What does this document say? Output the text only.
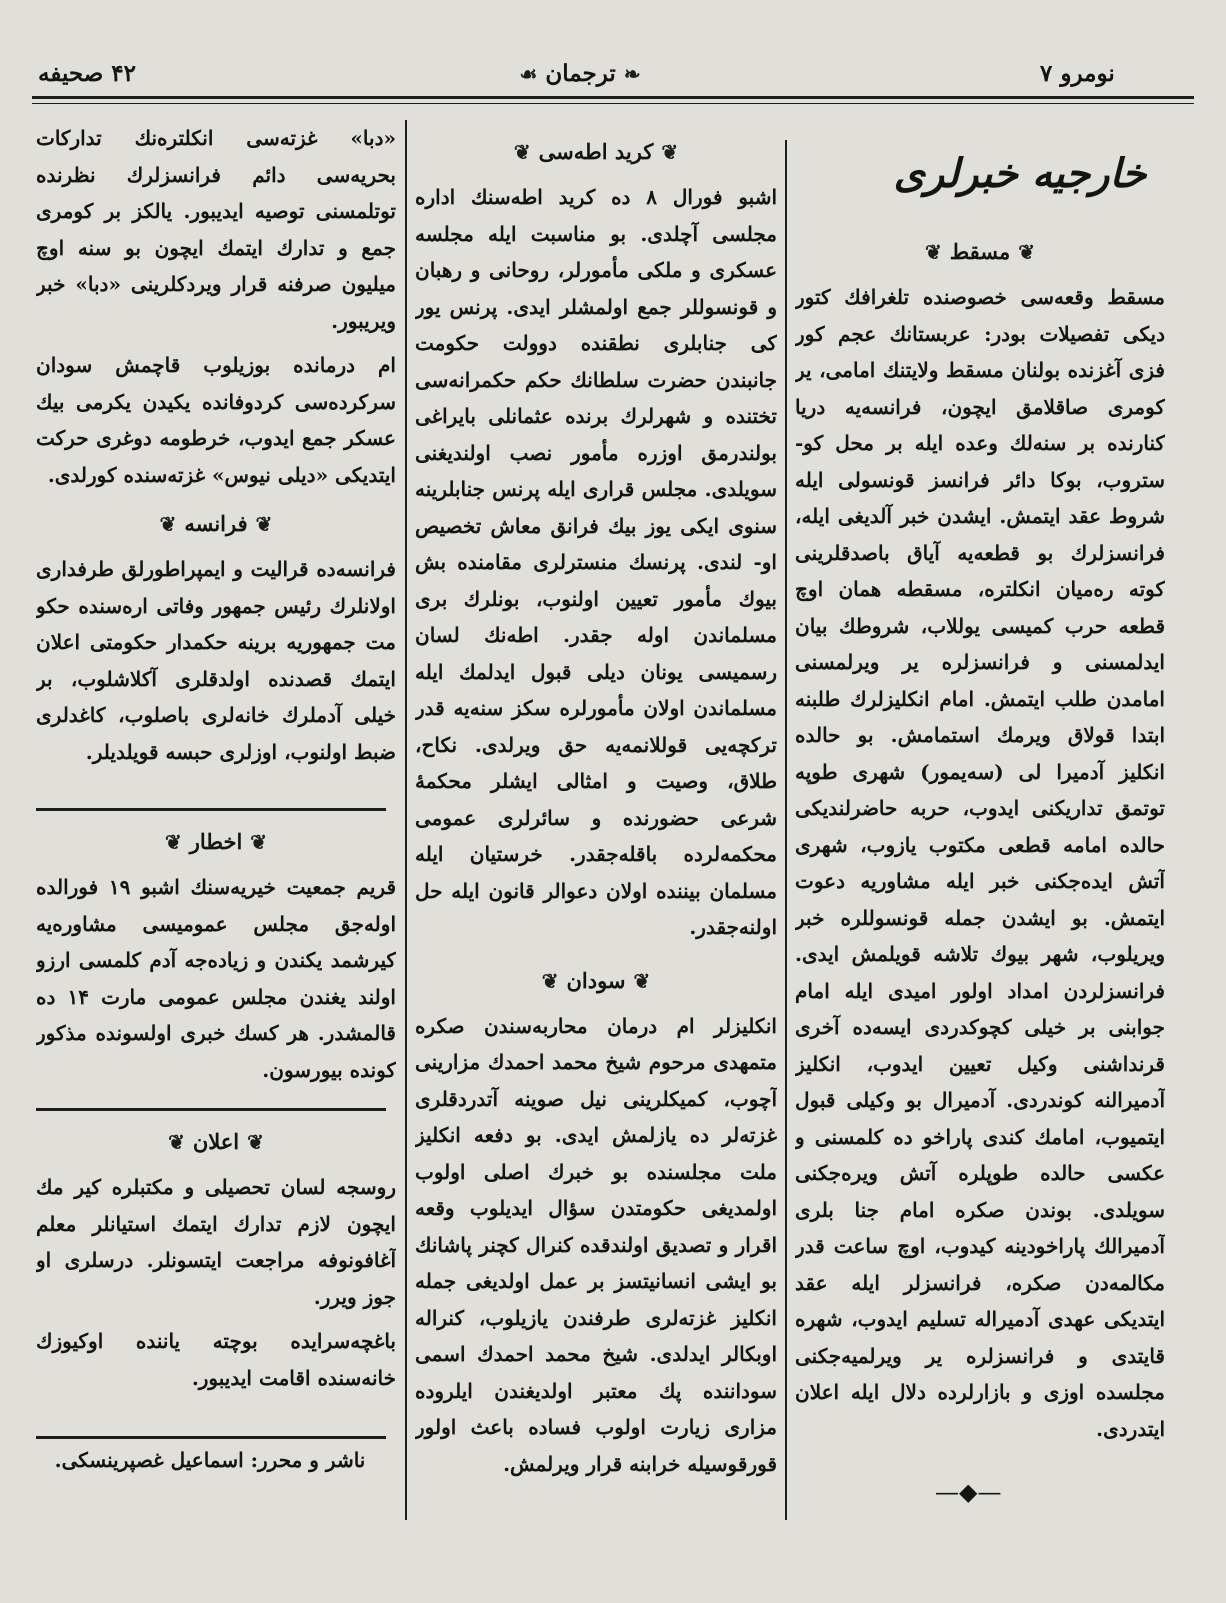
نومرو ۷
❧ترجمان☙
۴۲ صحيفه
خارجیه خبرلری
❦مسقط❦

مسقط وقعه‌سی خصوصنده تلغرافك كتور دیكی تفصیلات بودر: عربستانك عجم كور فزی آغزنده بولنان مسقط ولایتنك امامی، یر كومری صاقلامق ایچون، فرانسه‌یه دریا كنارنده بر سنه‌لك وعده ایله بر محل كو- ستروب، بوكا دائر فرانسز قونسولی ایله شروط عقد ایتمش. ایشدن خبر آلدیغی ایله، فرانسزلرك بو قطعه‌یه آیاق باصدقلرینی كوته ره‌میان انكلتره، مسقطه همان اوچ قطعه حرب كمیسی یوللاب، شروطك بیان ایدلمسنی و فرانسزلره یر ویرلمسنی امامدن طلب ایتمش. امام انكلیزلرك طلبنه ابتدا قولاق ویرمك استمامش. بو حالده انكلیز آدمیرا لی (سه‌یمور) شهری طوپه توتمق تداریكنی ایدوب، حربه حاضرلندیكی حالده امامه قطعی مكتوب یازوب، شهری آتش ایده‌جكنی خبر ایله مشاوریه دعوت ایتمش. بو ایشدن جمله قونسوللره خبر ویریلوب، شهر بیوك تلاشه قویلمش ایدی. فرانسزلردن امداد اولور امیدی ایله امام جوابنی بر خیلی كچوكدردی ایسه‌ده آخری قرنداشنی وكیل تعیین ایدوب، انكلیز آدمیرالنه كوندردی. آدمیرال بو وكیلی قبول ایتمیوب، امامك كندی پاراخو ده كلمسنی و عكسی حالده طوپلره آتش ویره‌جكنی سویلدی. بوندن صكره امام جنا بلری آدمیرالك پاراخودینه كیدوب، اوچ ساعت قدر مكالمه‌دن صكره، فرانسزلر ایله عقد ایتدیكی عهدی آدمیراله تسلیم ایدوب، شهره قایتدی و فرانسزلره یر ویرلمیه‌جكنی مجلسده اوزی و بازارلرده دلال ایله اعلان ایتدردی.

—◆—
❦كرید اطه‌سی❦

اشبو فورال ۸ ده كرید اطه‌سنك اداره مجلسی آچلدی. بو مناسبت ایله مجلسه عسكری و ملكی مأمورلر، روحانی و رهبان و قونسوللر جمع اولمشلر ایدی. پرنس یور كی جنابلری نطقنده دوولت حكومت جانبندن حضرت سلطانك حكم حكمرانه‌سی تختنده و شهرلرك برنده عثمانلی بایراغی بولندرمق اوزره مأمور نصب اولندیغنی سویلدی. مجلس قراری ایله پرنس جنابلرینه سنوی ایكی یوز بیك فرانق معاش تخصیص او- لندی. پرنسك منسترلری مقامنده بش بیوك مأمور تعیین اولنوب، بونلرك بری مسلماندن اوله جقدر. اطه‌نك لسان رسمیسی یونان دیلی قبول ایدلمك ایله مسلماندن اولان مأمورلره سكز سنه‌یه قدر تركچه‌یی قوللانمه‌یه حق ویرلدی. نكاح، طلاق، وصیت و امثالی ایشلر محكمهٔ شرعی حضورنده و سائرلری عمومی محكمه‌لرده باقله‌جقدر. خرستیان ایله مسلمان بیننده اولان دعوالر قانون ایله حل اولنه‌جقدر.

❦سودان❦

انكلیزلر ام درمان محاربه‌سندن صكره متمهدی مرحوم شیخ محمد احمدك مزارینی آچوب، كمیكلرینی نیل صوینه آتدردقلری غزته‌لر ده یازلمش ایدی. بو دفعه انكلیز ملت مجلسنده بو خبرك اصلی اولوب اولمدیغی حكومتدن سؤال ایدیلوب وقعه اقرار و تصدیق اولندقده كنرال كچنر پاشانك بو ایشی انسانیتسز بر عمل اولدیغی جمله انكلیز غزته‌لری طرفندن یازیلوب، كنراله اوبكالر ایدلدی. شیخ محمد احمدك اسمی سوداننده پك معتبر اولدیغندن ایلروده مزاری زیارت اولوب فساده باعث اولور قورقوسیله خرابنه قرار ویرلمش.

«دبا» غزته‌سی انكلتره‌نك تداركات بحریه‌سی دائم فرانسزلرك نظرنده توتلمسنی توصیه ایدیبور. یالكز بر كومری جمع و تدارك ایتمك ایچون بو سنه اوچ میلیون صرفنه قرار ویردكلرینی «دبا» خبر ویریبور.

ام درمانده بوزیلوب قاچمش سودان سركرده‌سی كردوفانده یكیدن یكرمی بیك عسكر جمع ایدوب، خرطومه دوغری حركت ایتدیكی «دیلی نیوس» غزته‌سنده كورلدی.

❦فرانسه❦

فرانسه‌ده قرالیت و ایمپراطورلق طرفداری اولانلرك رئیس جمهور وفاتی اره‌سنده حكو مت جمهوریه برینه حكمدار حكومتی اعلان ایتمك قصدنده اولدقلری آكلاشلوب، بر خیلی آدملرك خانه‌لری باصلوب، كاغدلری ضبط اولنوب، اوزلری حبسه قویلدیلر.

❦اخطار❦

قریم جمعیت خیریه‌سنك اشبو ۱۹ فورالده اوله‌جق مجلس عمومیسی مشاوره‌یه كیرشمد یكندن و زیاده‌جه آدم كلمسی ارزو اولند یغندن مجلس عمومی مارت ۱۴ ده قالمشدر. هر كسك خبری اولسونده مذكور كونده بیورسون.

❦اعلان❦

روسجه لسان تحصیلی و مكتبلره كیر مك ایچون لازم تدارك ایتمك استیانلر معلم آغافونوفه مراجعت ایتسونلر. درسلری او جوز ویرر.

باغچه‌سرایده بوچته یاننده اوكیوزك خانه‌سنده اقامت ایدیبور.

ناشر و محرر: اسماعیل غصپرینسكی.
